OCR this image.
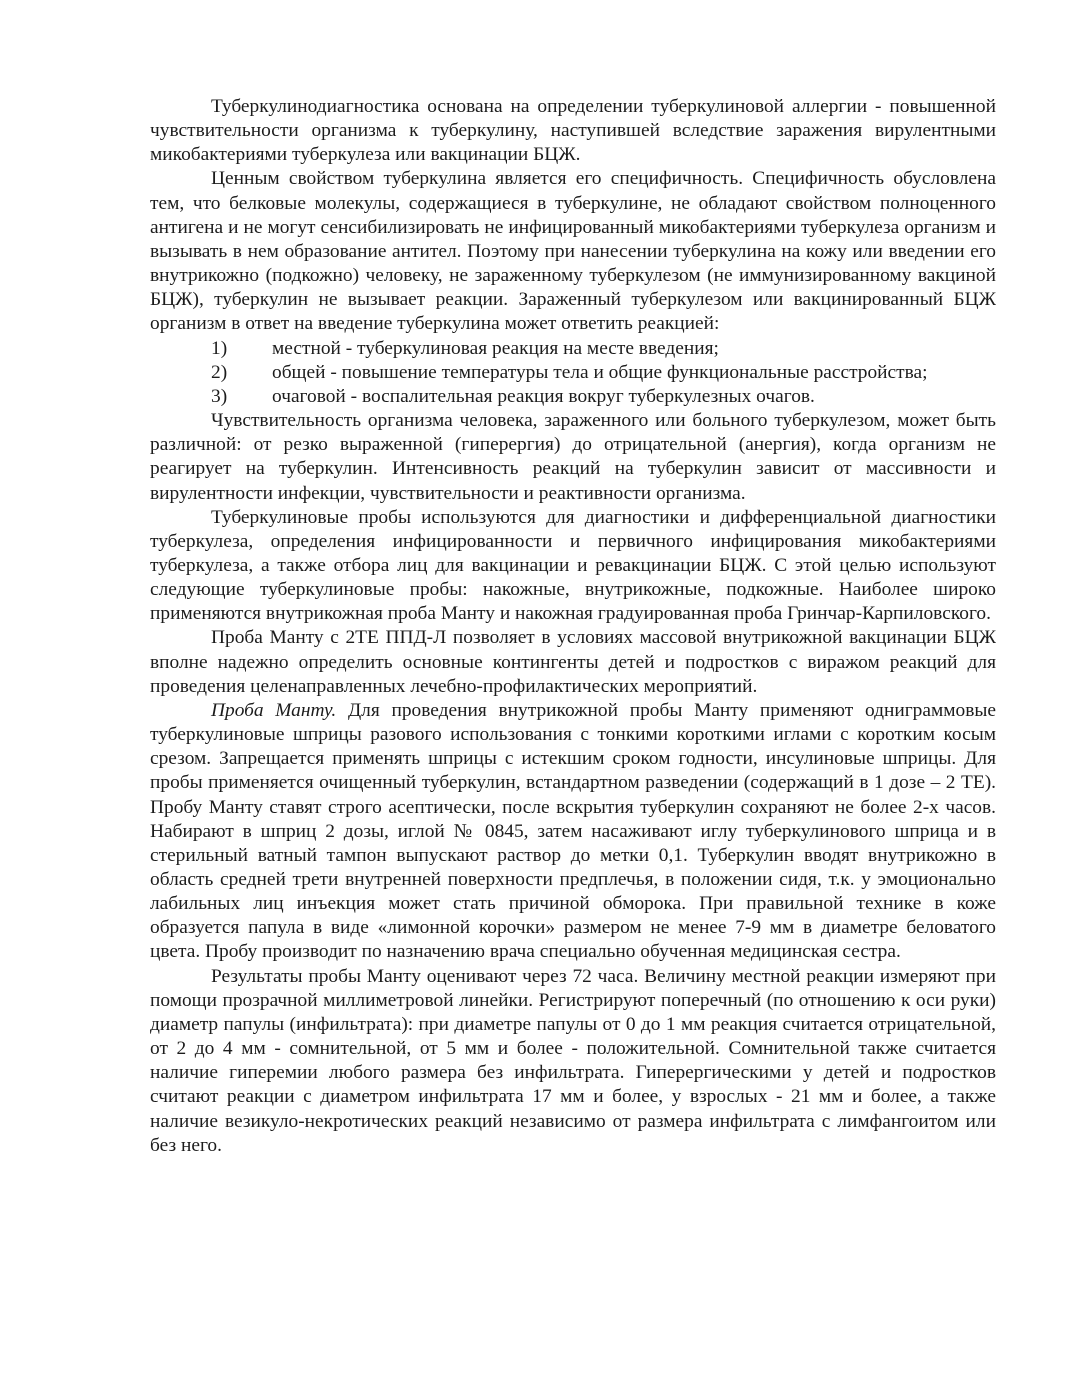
Туберкулинодиагностика основана на определении туберкулиновой аллергии - повышенной чувствительности организма к туберкулину, наступившей вследствие заражения вирулентными микобактериями туберкулеза или вакцинации БЦЖ.

Ценным свойством туберкулина является его специфичность. Специфичность обусловлена тем, что белковые молекулы, содержащиеся в туберкулине, не обладают свойством полноценного антигена и не могут сенсибилизировать не инфицированный микобактериями туберкулеза организм и вызывать в нем образование антител. Поэтому при нанесении туберкулина на кожу или введении его внутрикожно (подкожно) человеку, не зараженному туберкулезом (не иммунизированному вакциной БЦЖ), туберкулин не вызывает реакции. Зараженный туберкулезом или вакцинированный БЦЖ организм в ответ на введение туберкулина может ответить реакцией:

1)	местной - туберкулиновая реакция на месте введения;
2)	общей - повышение температуры тела и общие функциональные расстройства;
3)	очаговой - воспалительная реакция вокруг туберкулезных очагов.

Чувствительность организма человека, зараженного или больного туберкулезом, может быть различной: от резко выраженной (гиперергия) до отрицательной (анергия), когда организм не реагирует на туберкулин. Интенсивность реакций на туберкулин зависит от массивности и вирулентности инфекции, чувствительности и реактивности организма.

Туберкулиновые пробы используются для диагностики и дифференциальной диагностики туберкулеза, определения инфицированности и первичного инфицирования микобактериями туберкулеза, а также отбора лиц для вакцинации и ревакцинации БЦЖ. С этой целью используют следующие туберкулиновые пробы: накожные, внутрикожные, подкожные. Наиболее широко применяются внутрикожная проба Манту и накожная градуированная проба Гринчар-Карпиловского.

Проба Манту с 2ТЕ ППД-Л позволяет в условиях массовой внутрикожной вакцинации БЦЖ вполне надежно определить основные контингенты детей и подростков с виражом реакций для проведения целенаправленных лечебно-профилактических мероприятий.

Проба Манту. Для проведения внутрикожной пробы Манту применяют одниграммовые туберкулиновые шприцы разового использования с тонкими короткими иглами с коротким косым срезом. Запрещается применять шприцы с истекшим сроком годности, инсулиновые шприцы. Для пробы применяется очищенный туберкулин, встандартном разведении (содержащий в 1 дозе – 2 ТЕ). Пробу Манту ставят строго асептически, после вскрытия туберкулин сохраняют не более 2-х часов. Набирают в шприц 2 дозы, иглой № 0845, затем насаживают иглу туберкулинового шприца и в стерильный ватный тампон выпускают раствор до метки 0,1. Туберкулин вводят внутрикожно в область средней трети внутренней поверхности предплечья, в положении сидя, т.к. у эмоционально лабильных лиц инъекция может стать причиной обморока. При правильной технике в коже образуется папула в виде «лимонной корочки» размером не менее 7-9 мм в диаметре беловатого цвета. Пробу производит по назначению врача специально обученная медицинская сестра.

Результаты пробы Манту оценивают через 72 часа. Величину местной реакции измеряют при помощи прозрачной миллиметровой линейки. Регистрируют поперечный (по отношению к оси руки) диаметр папулы (инфильтрата): при диаметре папулы от 0 до 1 мм реакция считается отрицательной, от 2 до 4 мм - сомнительной, от 5 мм и более - положительной. Сомнительной также считается наличие гиперемии любого размера без инфильтрата. Гиперергическими у детей и подростков считают реакции с диаметром инфильтрата 17 мм и более, у взрослых - 21 мм и более, а также наличие везикуло-некротических реакций независимо от размера инфильтрата с лимфангоитом или без него.
